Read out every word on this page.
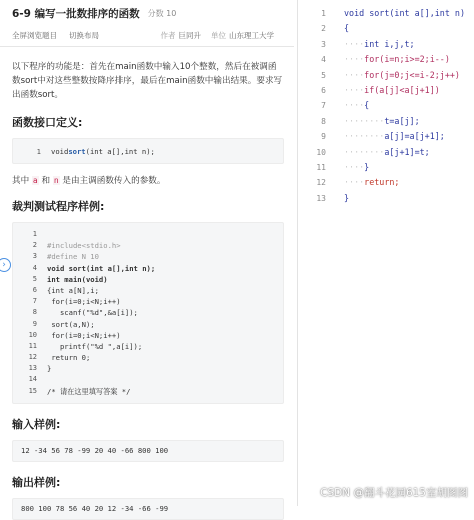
6-9 编写一批数排序的函数 分数 10
全屏浏览题目 切换布局	作者 巨同升 单位 山东理工大学

以下程序的功能是：首先在main函数中输入10个整数，然后在被调函数sort中对这些整数按降序排序，最后在main函数中输出结果。要求写出函数sort。

函数接口定义:
1 void sort (int a[],int n);

其中 a 和 n 是由主调函数传入的参数。

裁判测试程序样例:
1
2 #include<stdio.h>
3 #define N 10
4 void sort(int a[],int n);
5 int main(void)
6 {int a[N],i;
7 for(i=0;i<N;i++)
8 scanf("%d",&a[i]);
9 sort(a,N);
10 for(i=0;i<N;i++)
11 printf("%d ",a[i]);
12 return 0;
13 }
14
15 /* 请在这里填写答案 */
输入样例:
12 -34 56 78 -99 20 40 -66 800 100
输出样例:
800 100 78 56 40 20 12 -34 -66 -99
›
1 void sort(int a[],int n)
2 {
3 ···· int i,j,t;
4 ···· for(i=n;i>=2;i--)
5 ···· for(j=0;j<=i-2;j++)
6 ···· if(a[j]<a[j+1])
7 ···· {
8 ········ t=a[j];
9 ········ a[j]=a[j+1];
10 ········ a[j+1]=t;
11 ···· }
12 ···· return;
13 }
CSDN @翻斗花园615室胡图图
